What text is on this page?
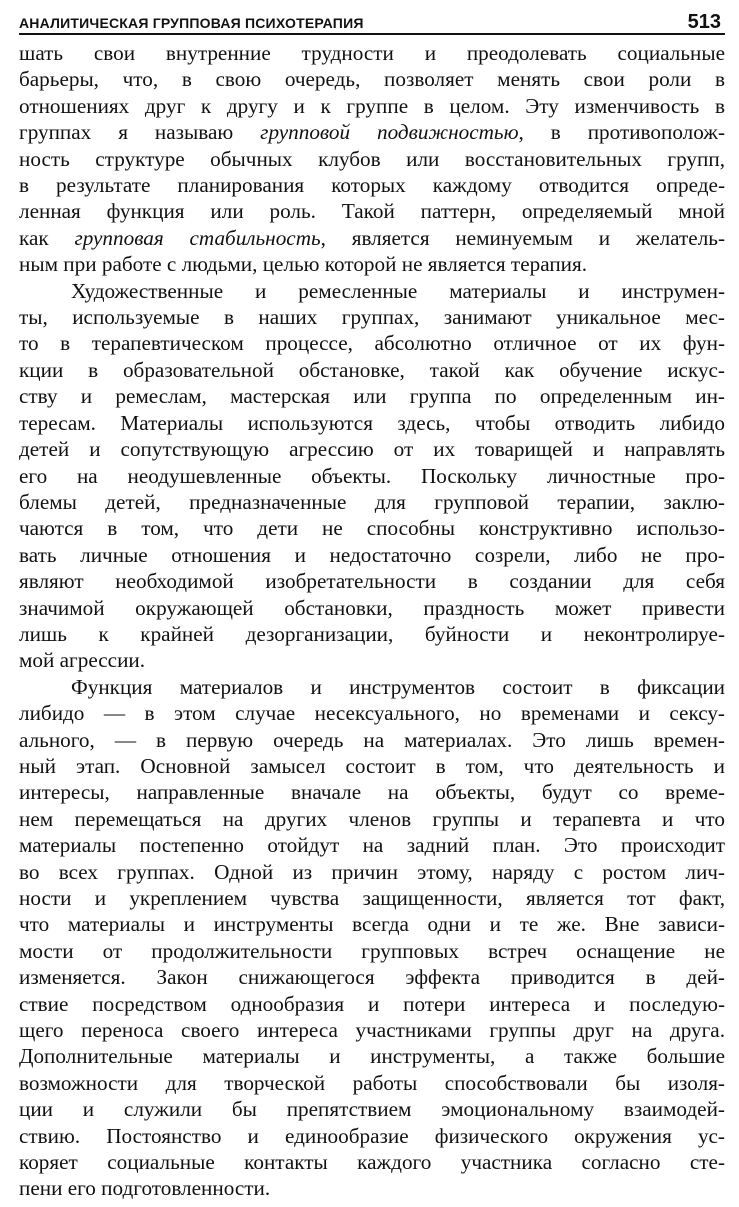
АНАЛИТИЧЕСКАЯ ГРУППОВАЯ ПСИХОТЕРАПИЯ	513

шать свои внутренние трудности и преодолевать социальные
барьеры, что, в свою очередь, позволяет менять свои роли в
отношениях друг к другу и к группе в целом. Эту изменчивость в
группах я называю групповой подвижностью, в противополож-
ность структуре обычных клубов или восстановительных групп,
в результате планирования которых каждому отводится опреде-
ленная функция или роль. Такой паттерн, определяемый мной
как групповая стабильность, является неминуемым и желатель-
ным при работе с людьми, целью которой не является терапия.

Художественные и ремесленные материалы и инструмен-
ты, используемые в наших группах, занимают уникальное мес-
то в терапевтическом процессе, абсолютно отличное от их фун-
кции в образовательной обстановке, такой как обучение искус-
ству и ремеслам, мастерская или группа по определенным ин-
тересам. Материалы используются здесь, чтобы отводить либидо
детей и сопутствующую агрессию от их товарищей и направлять
его на неодушевленные объекты. Поскольку личностные про-
блемы детей, предназначенные для групповой терапии, заклю-
чаются в том, что дети не способны конструктивно использо-
вать личные отношения и недостаточно созрели, либо не про-
являют необходимой изобретательности в создании для себя
значимой окружающей обстановки, праздность может привести
лишь к крайней дезорганизации, буйности и неконтролируе-
мой агрессии.

Функция материалов и инструментов состоит в фиксации
либидо — в этом случае несексуального, но временами и сексу-
ального, — в первую очередь на материалах. Это лишь времен-
ный этап. Основной замысел состоит в том, что деятельность и
интересы, направленные вначале на объекты, будут со време-
нем перемещаться на других членов группы и терапевта и что
материалы постепенно отойдут на задний план. Это происходит
во всех группах. Одной из причин этому, наряду с ростом лич-
ности и укреплением чувства защищенности, является тот факт,
что материалы и инструменты всегда одни и те же. Вне зависи-
мости от продолжительности групповых встреч оснащение не
изменяется. Закон снижающегося эффекта приводится в дей-
ствие посредством однообразия и потери интереса и последую-
щего переноса своего интереса участниками группы друг на друга.
Дополнительные материалы и инструменты, а также большие
возможности для творческой работы способствовали бы изоля-
ции и служили бы препятствием эмоциональному взаимодей-
ствию. Постоянство и единообразие физического окружения ус-
коряет социальные контакты каждого участника согласно сте-
пени его подготовленности.
